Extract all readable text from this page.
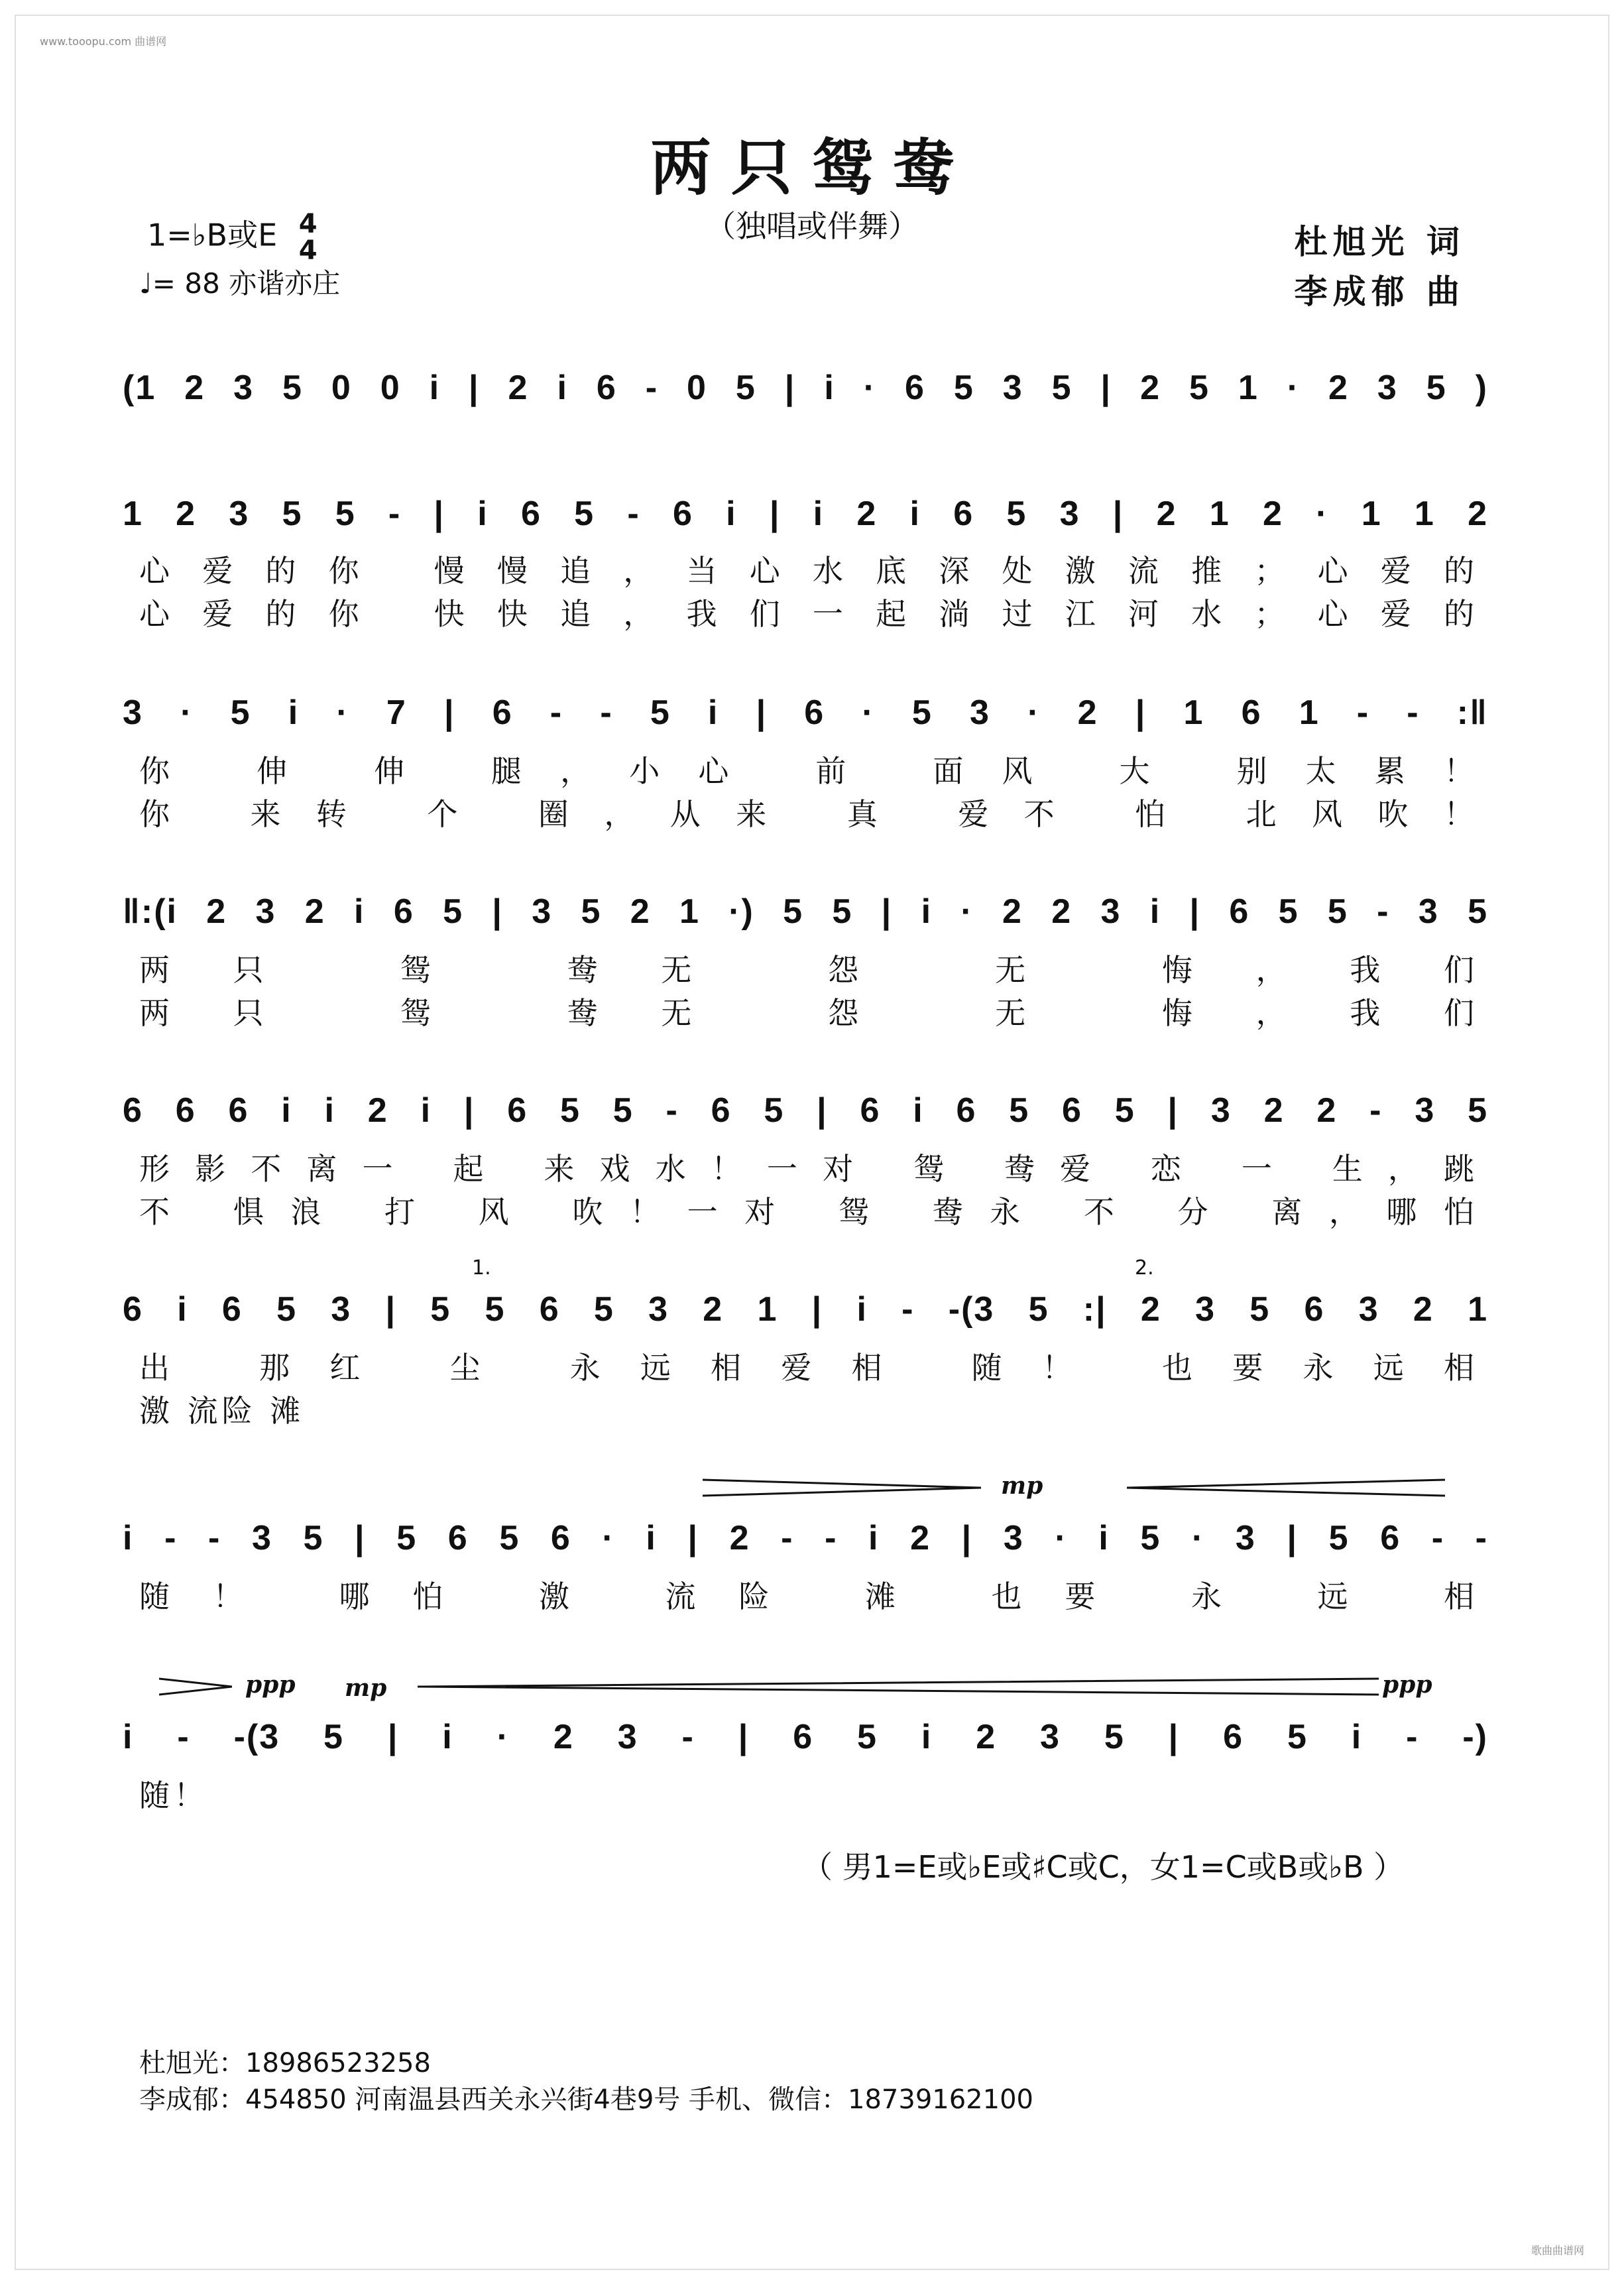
www.tooopu.com 曲谱网
歌曲曲谱网
两只鸳鸯
（独唱或伴舞）
1=♭B或E 4
4
♩= 88 亦谐亦庄
杜旭光 词
李成郁 曲
(1 2 3 5 0 0 i | 2 i 6 - 0 5 | i · 6 5 3 5 | 2 5 1 · 2 3 5 )
1 2 3 5 5 - | i 6 5 - 6 i | i 2 i 6 5 3 | 2 1 2 · 1 1 2
心爱的你 慢慢追，当心水底深处激流推；心爱的
心爱的你 快快追，我们一起淌过江河水；心爱的
3 · 5 i · 7 | 6 - - 5 i | 6 · 5 3 · 2 | 1 6 1 - - :‖
你 伸 伸 腿，小心 前 面风 大 别太累！
你 来转 个 圈，从来 真 爱不 怕 北风吹！
‖:(i 2 3 2 i 6 5 | 3 5 2 1 ·) 5 5 | i · 2 2 3 i | 6 5 5 - 3 5
两只 鸳 鸯无 怨 无 悔，我们
两只 鸳 鸯无 怨 无 悔，我们
6 6 6 i i 2 i | 6 5 5 - 6 5 | 6 i 6 5 6 5 | 3 2 2 - 3 5
形影不离一 起 来戏水！一对 鸳 鸯爱 恋 一 生，跳
不 惧浪 打 风 吹！一对 鸳 鸯永 不 分 离，哪怕
1.	2.
6 i 6 5 3 | 5 5 6 5 3 2 1 | i - -(3 5 :| 2 3 5 6 3 2 1
出 那红 尘 永远相爱相 随！ 也要永远相
激 流险 滩
mp
i - - 3 5 | 5 6 5 6 · i | 2 - - i 2 | 3 · i 5 · 3 | 5 6 - -
随！ 哪怕 激 流险 滩 也要 永 远 相
ppp mp	ppp
i - -(3 5 | i · 2 3 - | 6 5 i 2 3 5 | 6 5 i - -)
随！
（ 男1=E或♭E或♯C或C，女1=C或B或♭B ）
杜旭光：18986523258
李成郁：454850 河南温县西关永兴街4巷9号 手机、微信：18739162100
